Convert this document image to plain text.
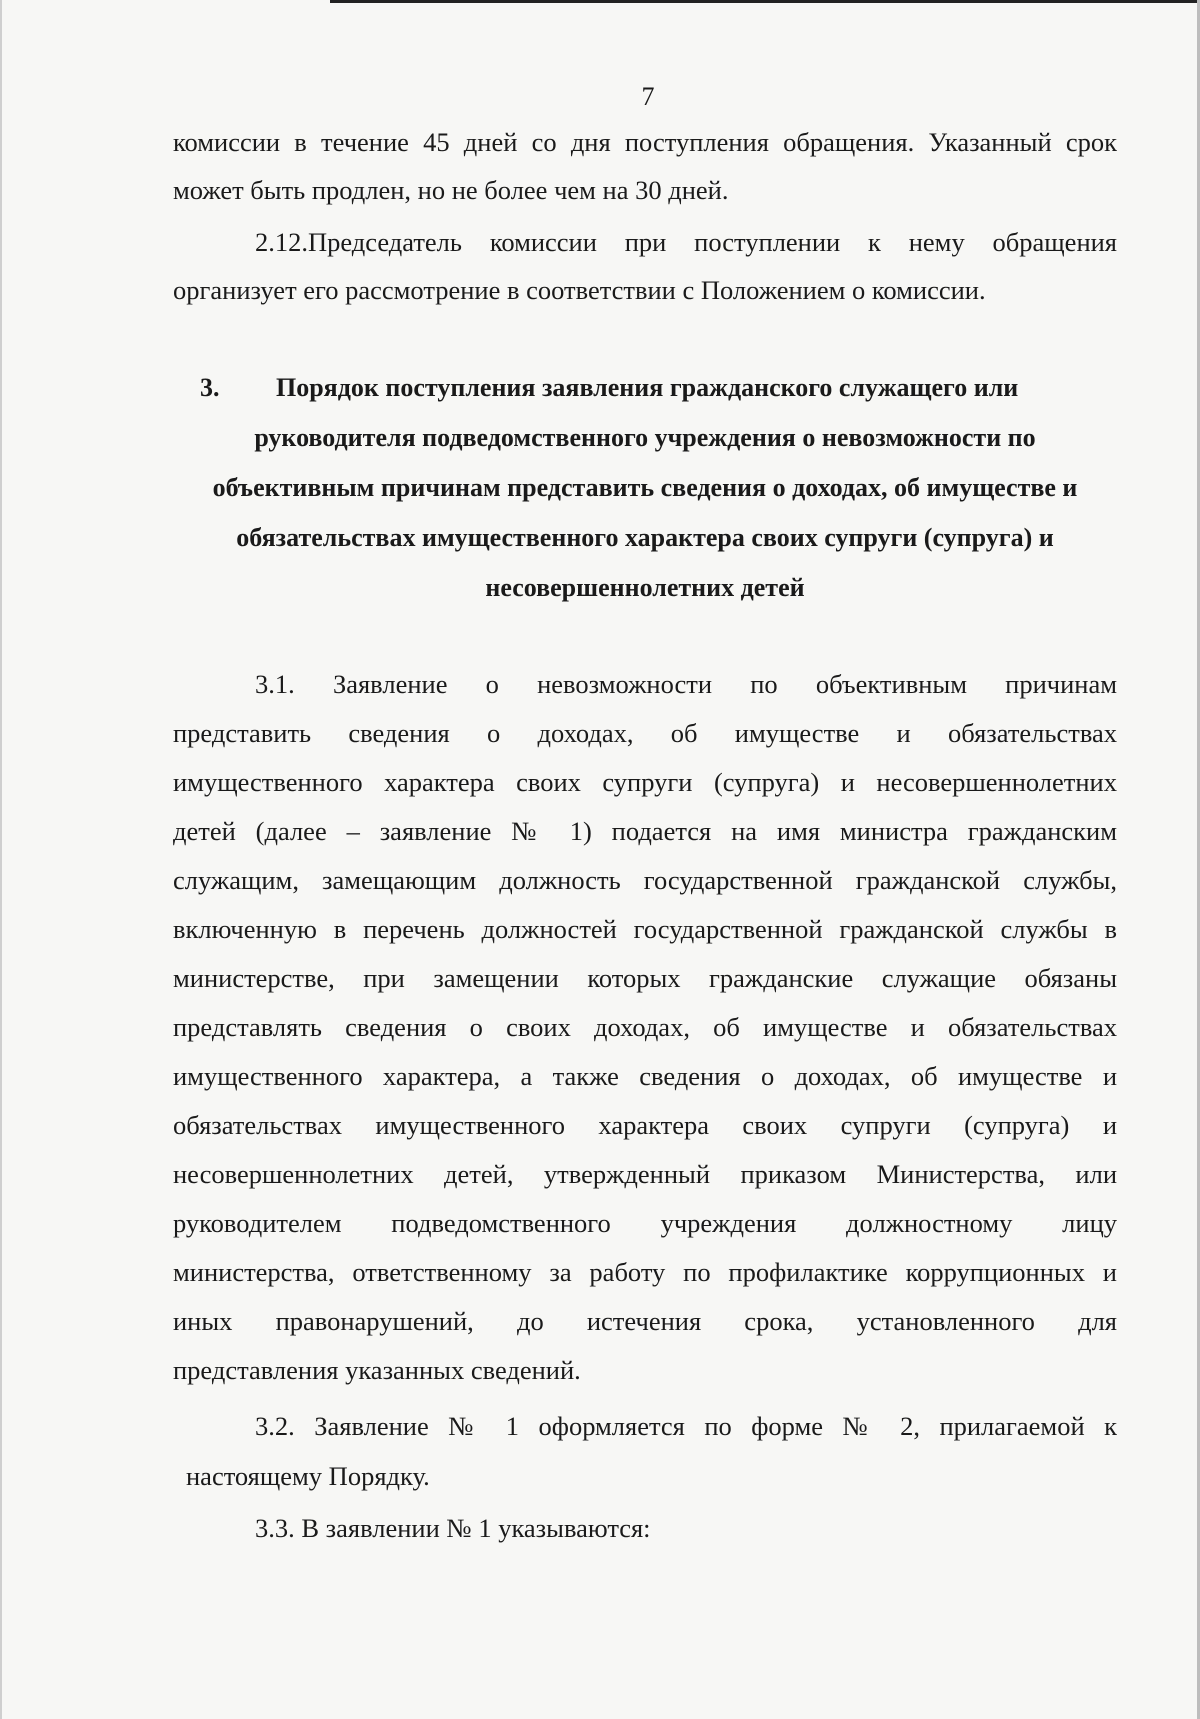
7
комиссии в течение 45 дней со дня поступления обращения. Указанный срок
может быть продлен, но не более чем на 30 дней.
2.12.Председатель комиссии при поступлении к нему обращения
организует его рассмотрение в соответствии с Положением о комиссии.
3. Порядок поступления заявления гражданского служащего или
руководителя подведомственного учреждения о невозможности по
объективным причинам представить сведения о доходах, об имуществе и
обязательствах имущественного характера своих супруги (супруга) и
несовершеннолетних детей
3.1. Заявление о невозможности по объективным причинам
представить сведения о доходах, об имуществе и обязательствах
имущественного характера своих супруги (супруга) и несовершеннолетних
детей (далее – заявление № 1) подается на имя министра гражданским
служащим, замещающим должность государственной гражданской службы,
включенную в перечень должностей государственной гражданской службы в
министерстве, при замещении которых гражданские служащие обязаны
представлять сведения о своих доходах, об имуществе и обязательствах
имущественного характера, а также сведения о доходах, об имуществе и
обязательствах имущественного характера своих супруги (супруга) и
несовершеннолетних детей, утвержденный приказом Министерства, или
руководителем подведомственного учреждения должностному лицу
министерства, ответственному за работу по профилактике коррупционных и
иных правонарушений, до истечения срока, установленного для
представления указанных сведений.
3.2. Заявление № 1 оформляется по форме № 2, прилагаемой к
настоящему Порядку.
3.3. В заявлении № 1 указываются:
